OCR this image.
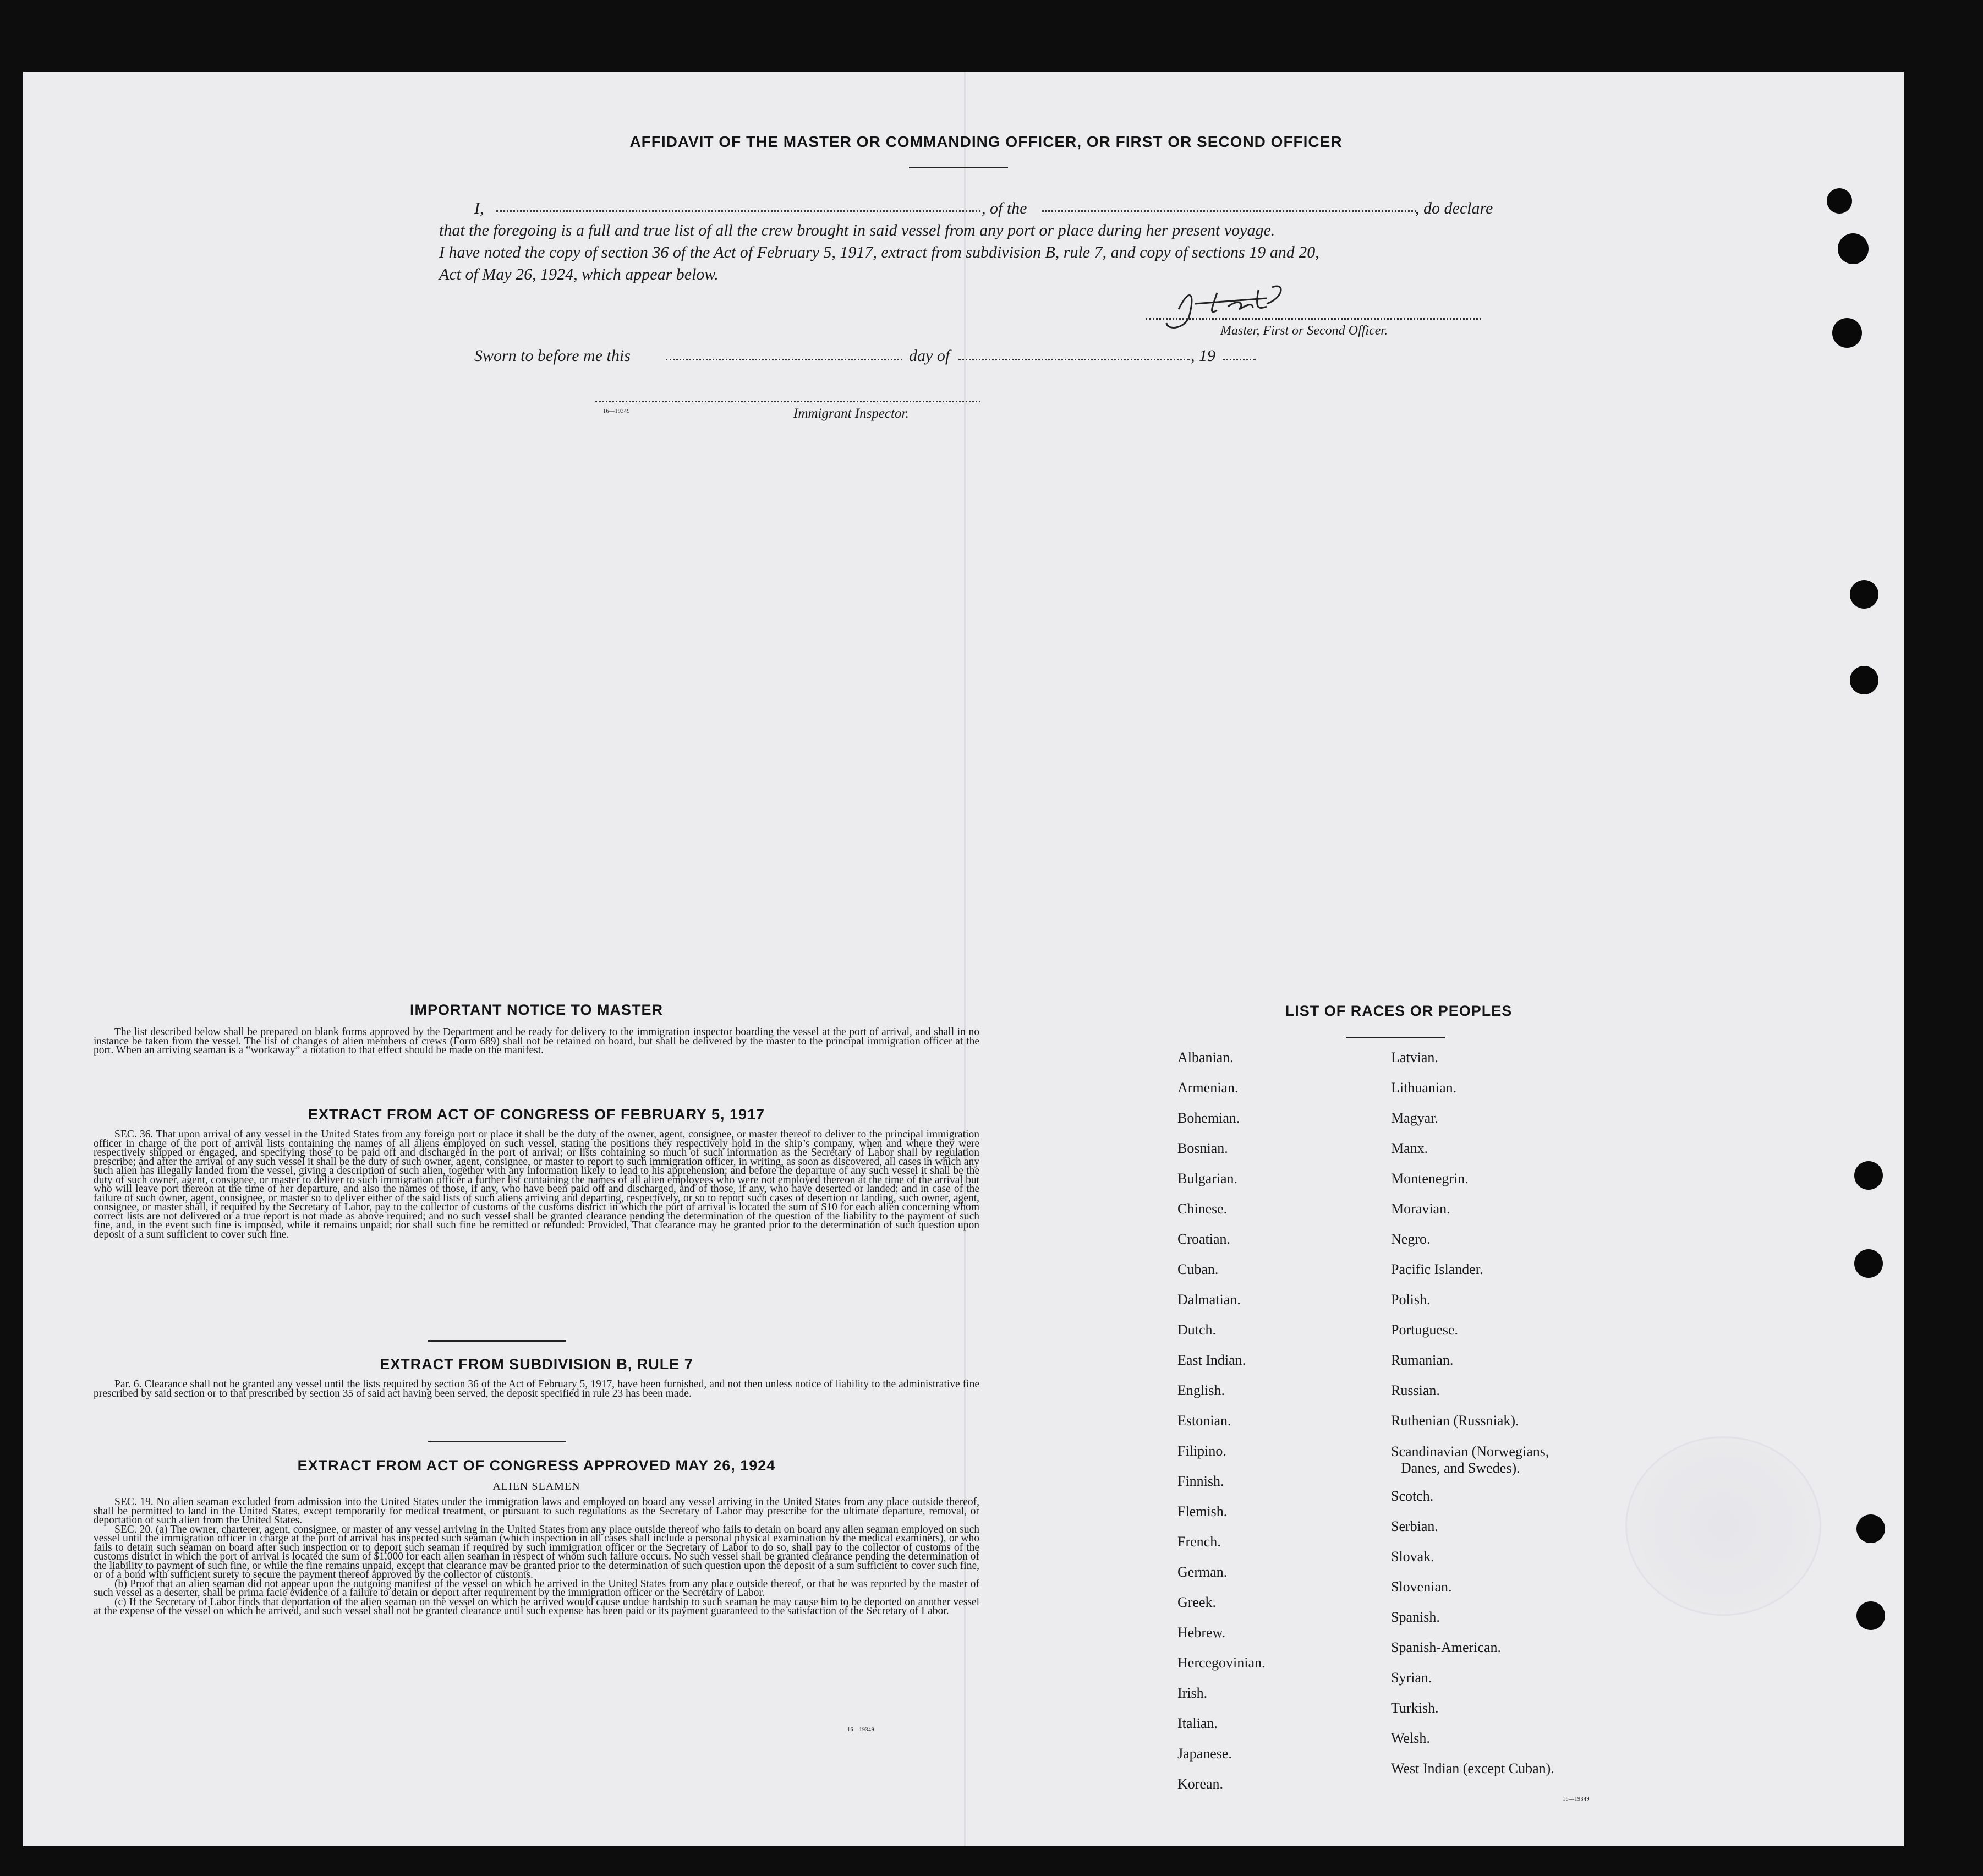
AFFIDAVIT OF THE MASTER OR COMMANDING OFFICER, OR FIRST OR SECOND OFFICER
I,	, of the	, do declare
that the foregoing is a full and true list of all the crew brought in said vessel from any port or place during her present voyage.
I have noted the copy of section 36 of the Act of February 5, 1917, extract from subdivision B, rule 7, and copy of sections 19 and 20,
Act of May 26, 1924, which appear below.
Master, First or Second Officer.
Sworn to before me this	day of	, 19
16—19349	Immigrant Inspector.
IMPORTANT NOTICE TO MASTER

The list described below shall be prepared on blank forms approved by the Department and be ready for delivery to the immigration inspector boarding the vessel at the port of arrival, and shall in no instance be taken from the vessel. The list of changes of alien members of crews (Form 689) shall not be retained on board, but shall be delivered by the master to the principal immigration officer at the port. When an arriving seaman is a “workaway” a notation to that effect should be made on the manifest.

EXTRACT FROM ACT OF CONGRESS OF FEBRUARY 5, 1917

SEC. 36. That upon arrival of any vessel in the United States from any foreign port or place it shall be the duty of the owner, agent, consignee, or master thereof to deliver to the principal immigration officer in charge of the port of arrival lists containing the names of all aliens employed on such vessel, stating the positions they respectively hold in the ship’s company, when and where they were respectively shipped or engaged, and specifying those to be paid off and discharged in the port of arrival; or lists containing so much of such information as the Secretary of Labor shall by regulation prescribe; and after the arrival of any such vessel it shall be the duty of such owner, agent, consignee, or master to report to such immigration officer, in writing, as soon as discovered, all cases in which any such alien has illegally landed from the vessel, giving a description of such alien, together with any information likely to lead to his apprehension; and before the departure of any such vessel it shall be the duty of such owner, agent, consignee, or master to deliver to such immigration officer a further list containing the names of all alien employees who were not employed thereon at the time of the arrival but who will leave port thereon at the time of her departure, and also the names of those, if any, who have been paid off and discharged, and of those, if any, who have deserted or landed; and in case of the failure of such owner, agent, consignee, or master so to deliver either of the said lists of such aliens arriving and departing, respectively, or so to report such cases of desertion or landing, such owner, agent, consignee, or master shall, if required by the Secretary of Labor, pay to the collector of customs of the customs district in which the port of arrival is located the sum of $10 for each alien concerning whom correct lists are not delivered or a true report is not made as above required; and no such vessel shall be granted clearance pending the determination of the question of the liability to the payment of such fine, and, in the event such fine is imposed, while it remains unpaid; nor shall such fine be remitted or refunded: Provided, That clearance may be granted prior to the determination of such question upon deposit of a sum sufficient to cover such fine.

EXTRACT FROM SUBDIVISION B, RULE 7

Par. 6. Clearance shall not be granted any vessel until the lists required by section 36 of the Act of February 5, 1917, have been furnished, and not then unless notice of liability to the administrative fine prescribed by said section or to that prescribed by section 35 of said act having been served, the deposit specified in rule 23 has been made.

EXTRACT FROM ACT OF CONGRESS APPROVED MAY 26, 1924
ALIEN SEAMEN

SEC. 19. No alien seaman excluded from admission into the United States under the immigration laws and employed on board any vessel arriving in the United States from any place outside thereof, shall be permitted to land in the United States, except temporarily for medical treatment, or pursuant to such regulations as the Secretary of Labor may prescribe for the ultimate departure, removal, or deportation of such alien from the United States.

SEC. 20. (a) The owner, charterer, agent, consignee, or master of any vessel arriving in the United States from any place outside thereof who fails to detain on board any alien seaman employed on such vessel until the immigration officer in charge at the port of arrival has inspected such seaman (which inspection in all cases shall include a personal physical examination by the medical examiners), or who fails to detain such seaman on board after such inspection or to deport such seaman if required by such immigration officer or the Secretary of Labor to do so, shall pay to the collector of customs of the customs district in which the port of arrival is located the sum of $1,000 for each alien seaman in respect of whom such failure occurs. No such vessel shall be granted clearance pending the determination of the liability to payment of such fine, or while the fine remains unpaid, except that clearance may be granted prior to the determination of such question upon the deposit of a sum sufficient to cover such fine, or of a bond with sufficient surety to secure the payment thereof approved by the collector of customs.

(b) Proof that an alien seaman did not appear upon the outgoing manifest of the vessel on which he arrived in the United States from any place outside thereof, or that he was reported by the master of such vessel as a deserter, shall be prima facie evidence of a failure to detain or deport after requirement by the immigration officer or the Secretary of Labor.

(c) If the Secretary of Labor finds that deportation of the alien seaman on the vessel on which he arrived would cause undue hardship to such seaman he may cause him to be deported on another vessel at the expense of the vessel on which he arrived, and such vessel shall not be granted clearance until such expense has been paid or its payment guaranteed to the satisfaction of the Secretary of Labor.

16—19349
LIST OF RACES OR PEOPLES
Albanian.
Armenian.
Bohemian.
Bosnian.
Bulgarian.
Chinese.
Croatian.
Cuban.
Dalmatian.
Dutch.
East Indian.
English.
Estonian.
Filipino.
Finnish.
Flemish.
French.
German.
Greek.
Hebrew.
Hercegovinian.
Irish.
Italian.
Japanese.
Korean.
Latvian.
Lithuanian.
Magyar.
Manx.
Montenegrin.
Moravian.
Negro.
Pacific Islander.
Polish.
Portuguese.
Rumanian.
Russian.
Ruthenian (Russniak).
Scandinavian (Norwegians,
Danes, and Swedes).
Scotch.
Serbian.
Slovak.
Slovenian.
Spanish.
Spanish-American.
Syrian.
Turkish.
Welsh.
West Indian (except Cuban).
16—19349
